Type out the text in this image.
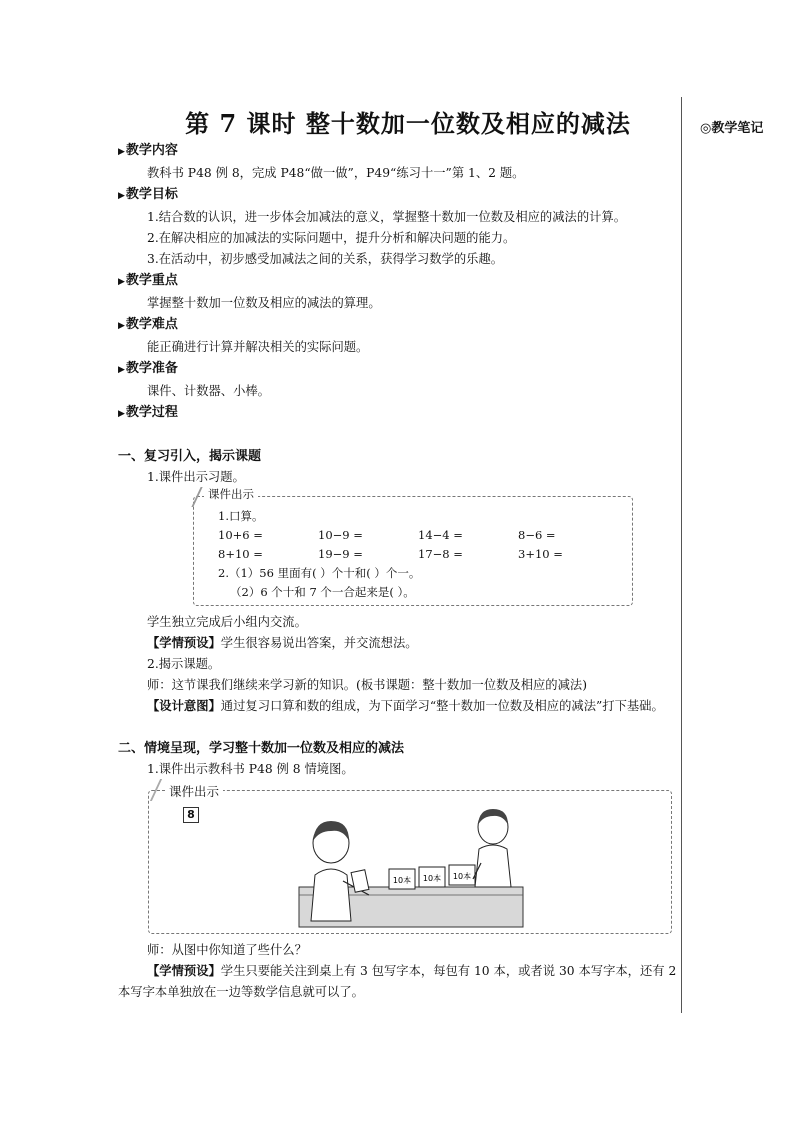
第 7 课时 整十数加一位数及相应的减法	◎教学笔记
▶教学内容
教科书 P48 例 8，完成 P48“做一做”，P49“练习十一”第 1、2 题。
▶教学目标
1.结合数的认识，进一步体会加减法的意义，掌握整十数加一位数及相应的减法的计算。
2.在解决相应的加减法的实际问题中，提升分析和解决问题的能力。
3.在活动中，初步感受加减法之间的关系，获得学习数学的乐趣。
▶教学重点
掌握整十数加一位数及相应的减法的算理。
▶教学难点
能正确进行计算并解决相关的实际问题。
▶教学准备
课件、计数器、小棒。
▶教学过程
一、复习引入，揭示课题
1.课件出示习题。
课件出示
1.口算。
10+6 =	10−9 =	14−4 =	8−6 =
8+10 =	19−9 =	17−8 =	3+10 =
2.（1）56 里面有( ）个十和( ）个一。
（2）6 个十和 7 个一合起来是( ）。
学生独立完成后小组内交流。
【学情预设】学生很容易说出答案，并交流想法。
2.揭示课题。
师：这节课我们继续来学习新的知识。(板书课题：整十数加一位数及相应的减法)
【设计意图】通过复习口算和数的组成，为下面学习“整十数加一位数及相应的减法”打下基础。
二、情境呈现，学习整十数加一位数及相应的减法
1.课件出示教科书 P48 例 8 情境图。
课件出示
8
10本 10本 10本
师：从图中你知道了些什么？
【学情预设】学生只要能关注到桌上有 3 包写字本，每包有 10 本，或者说 30 本写字本，还有 2 本写字本单独放在一边等数学信息就可以了。
